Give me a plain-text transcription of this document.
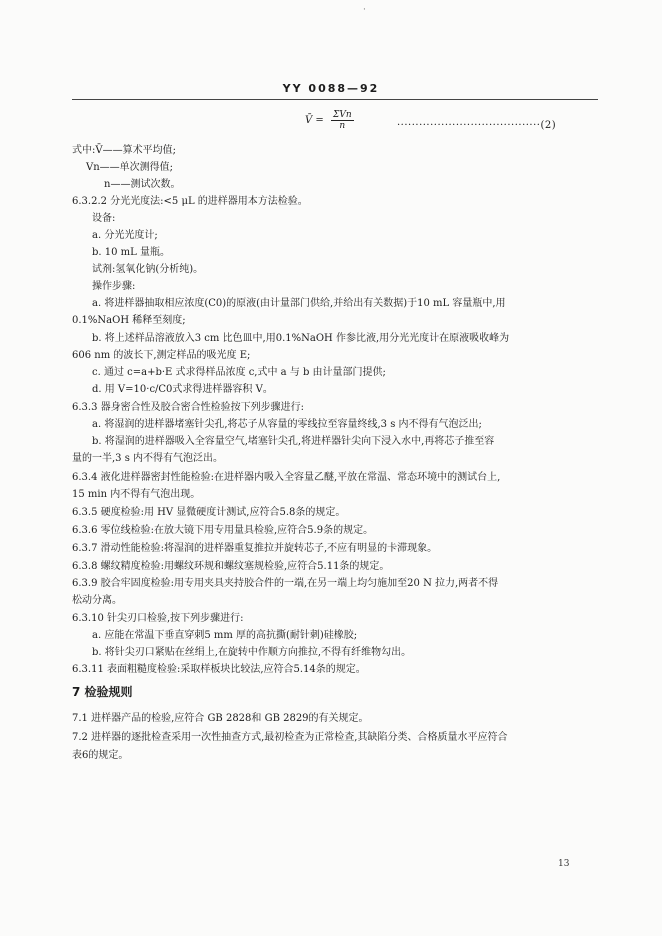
·
YY 0088—92
V̄ = $\frac{\text{ΣVn}}{n}$	·······································(2)
式中:V̄——算术平均值;
Vn——单次测得值;
n——测试次数。
6.3.2.2 分光光度法:<5 μL 的进样器用本方法检验。
设备:
a. 分光光度计;
b. 10 mL 量瓶。
试剂:氢氧化钠(分析纯)。
操作步骤:
a. 将进样器抽取相应浓度(C0)的原液(由计量部门供给,并给出有关数据)于10 mL 容量瓶中,用
0.1%NaOH 稀释至刻度;
b. 将上述样品溶液放入3 cm 比色皿中,用0.1%NaOH 作参比液,用分光光度计在原液吸收峰为
606 nm 的波长下,测定样品的吸光度 E;
c. 通过 c=a+b·E 式求得样品浓度 c,式中 a 与 b 由计量部门提供;
d. 用 V=10·c/C0式求得进样器容积 V。
6.3.3 器身密合性及胶合密合性检验按下列步骤进行:
a. 将湿润的进样器堵塞针尖孔,将芯子从容量的零线拉至容量终线,3 s 内不得有气泡泛出;
b. 将湿润的进样器吸入全容量空气,堵塞针尖孔,将进样器针尖向下浸入水中,再将芯子推至容
量的一半,3 s 内不得有气泡泛出。
6.3.4 液化进样器密封性能检验:在进样器内吸入全容量乙醚,平放在常温、常态环境中的测试台上,
15 min 内不得有气泡出现。
6.3.5 硬度检验:用 HV 显微硬度计测试,应符合5.8条的规定。
6.3.6 零位线检验:在放大镜下用专用量具检验,应符合5.9条的规定。
6.3.7 滑动性能检验:将湿润的进样器重复推拉并旋转芯子,不应有明显的卡滞现象。
6.3.8 螺纹精度检验:用螺纹环规和螺纹塞规检验,应符合5.11条的规定。
6.3.9 胶合牢固度检验:用专用夹具夹持胶合件的一端,在另一端上均匀施加至20 N 拉力,两者不得
松动分离。
6.3.10 针尖刃口检验,按下列步骤进行:
a. 应能在常温下垂直穿刺5 mm 厚的高抗撕(耐针刺)硅橡胶;
b. 将针尖刃口紧贴在丝绢上,在旋转中作顺方向推拉,不得有纤维物勾出。
6.3.11 表面粗糙度检验:采取样板块比较法,应符合5.14条的规定。
7 检验规则
7.1 进样器产品的检验,应符合 GB 2828和 GB 2829的有关规定。
7.2 进样器的逐批检查采用一次性抽查方式,最初检查为正常检查,其缺陷分类、合格质量水平应符合
表6的规定。
13
